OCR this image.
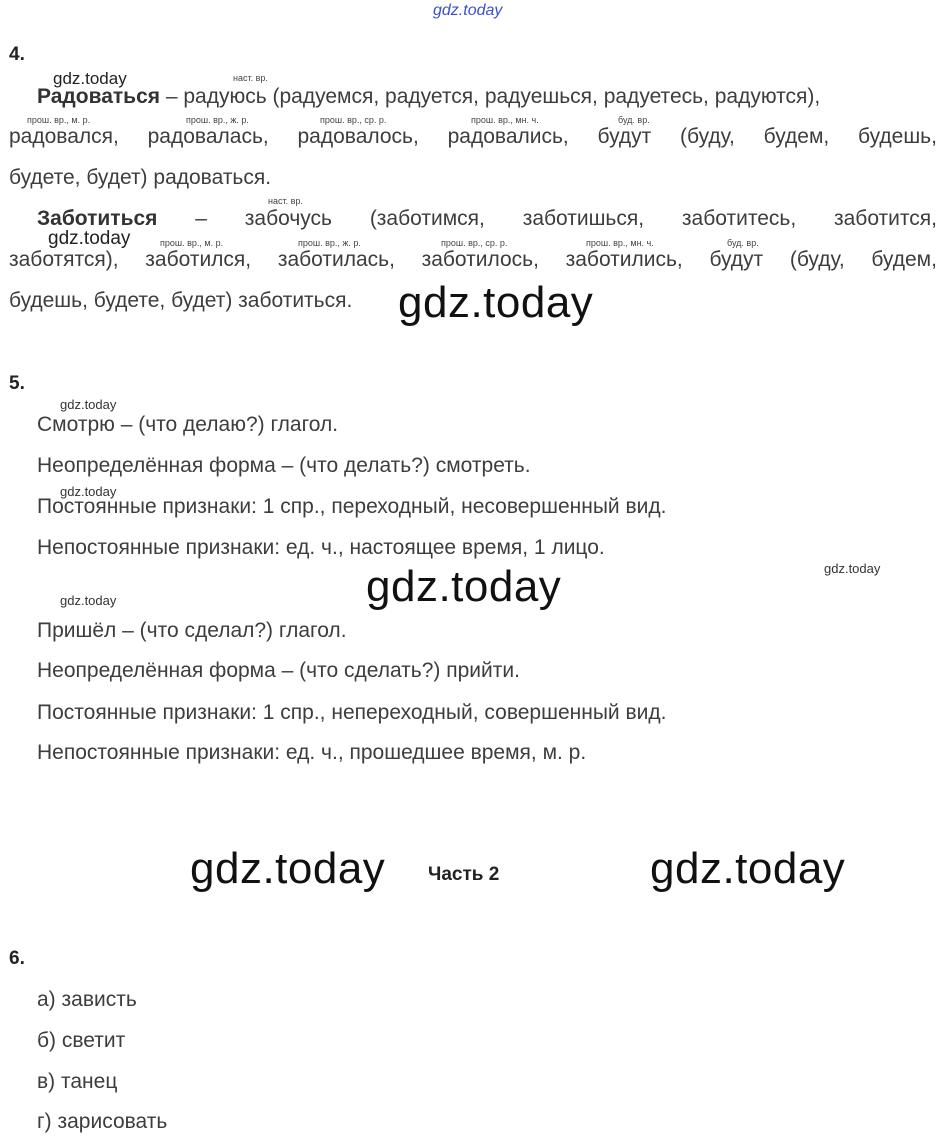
gdz.today
4.
gdz.today	наст. вр.
Радоваться – радуюсь (радуемся, радуется, радуешься, радуетесь, радуются),
прош. вр., м. р.	прош. вр., ж. р.	прош. вр., ср. р.	прош. вр., мн. ч.	буд. вр.
радовался, радовалась, радовалось, радовались, будут (буду, будем, будешь,
будете, будет) радоваться.
наст. вр.
Заботиться – забочусь (заботимся, заботишься, заботитесь, заботится,
gdz.today	прош. вр., м. р.	прош. вр., ж. р.	прош. вр., ср. р.	прош. вр., мн. ч.	буд. вр.
заботятся), заботился, заботилась, заботилось, заботились, будут (буду, будем,
будешь, будете, будет) заботиться. gdz.today
5.
gdz.today
Смотрю – (что делаю?) глагол.
Неопределённая форма – (что делать?) смотреть.
gdz.today
Постоянные признаки: 1 спр., переходный, несовершенный вид.
Непостоянные признаки: ед. ч., настоящее время, 1 лицо.
gdz.today	gdz.today
gdz.today
Пришёл – (что сделал?) глагол.
Неопределённая форма – (что сделать?) прийти.
Постоянные признаки: 1 спр., непереходный, совершенный вид.
Непостоянные признаки: ед. ч., прошедшее время, м. р.
gdz.today Часть 2	gdz.today
6.
а) зависть
б) светит
в) танец
г) зарисовать
